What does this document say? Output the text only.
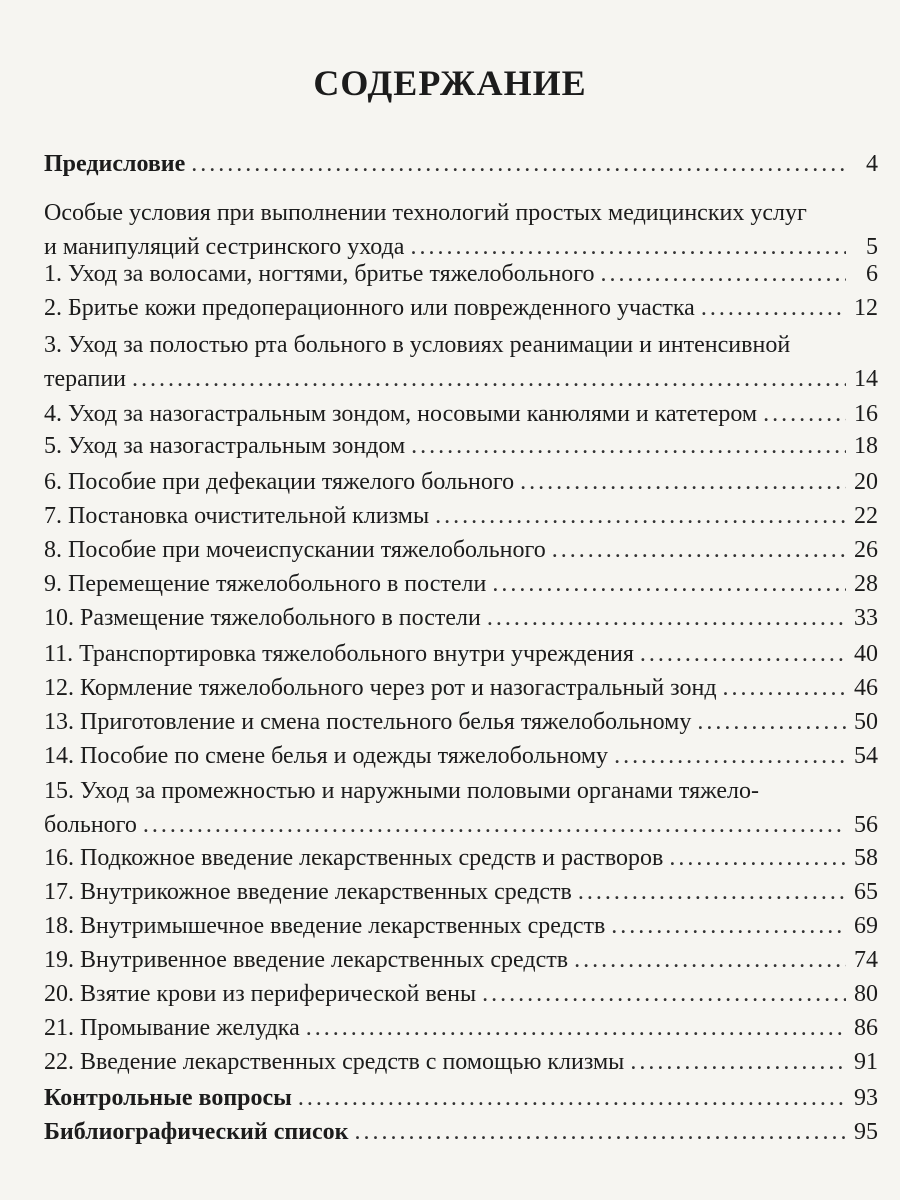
СОДЕРЖАНИЕ
Предисловие .....	4
Особые условия при выполнении технологий простых медицинских услуг
и манипуляций сестринского ухода .....	5
1. Уход за волосами, ногтями, бритье тяжелобольного .....	6
2. Бритье кожи предоперационного или поврежденного участка .....	12
3. Уход за полостью рта больного в условиях реанимации и интенсивной
терапии .....	14
4. Уход за назогастральным зондом, носовыми канюлями и катетером .....	16
5. Уход за назогастральным зондом .....	18
6. Пособие при дефекации тяжелого больного .....	20
7. Постановка очистительной клизмы .....	22
8. Пособие при мочеиспускании тяжелобольного .....	26
9. Перемещение тяжелобольного в постели .....	28
10. Размещение тяжелобольного в постели .....	33
11. Транспортировка тяжелобольного внутри учреждения .....	40
12. Кормление тяжелобольного через рот и назогастральный зонд .....	46
13. Приготовление и смена постельного белья тяжелобольному .....	50
14. Пособие по смене белья и одежды тяжелобольному .....	54
15. Уход за промежностью и наружными половыми органами тяжело-
больного .....	56
16. Подкожное введение лекарственных средств и растворов .....	58
17. Внутрикожное введение лекарственных средств .....	65
18. Внутримышечное введение лекарственных средств .....	69
19. Внутривенное введение лекарственных средств .....	74
20. Взятие крови из периферической вены .....	80
21. Промывание желудка .....	86
22. Введение лекарственных средств с помощью клизмы .....	91
Контрольные вопросы .....	93
Библиографический список .....	95
